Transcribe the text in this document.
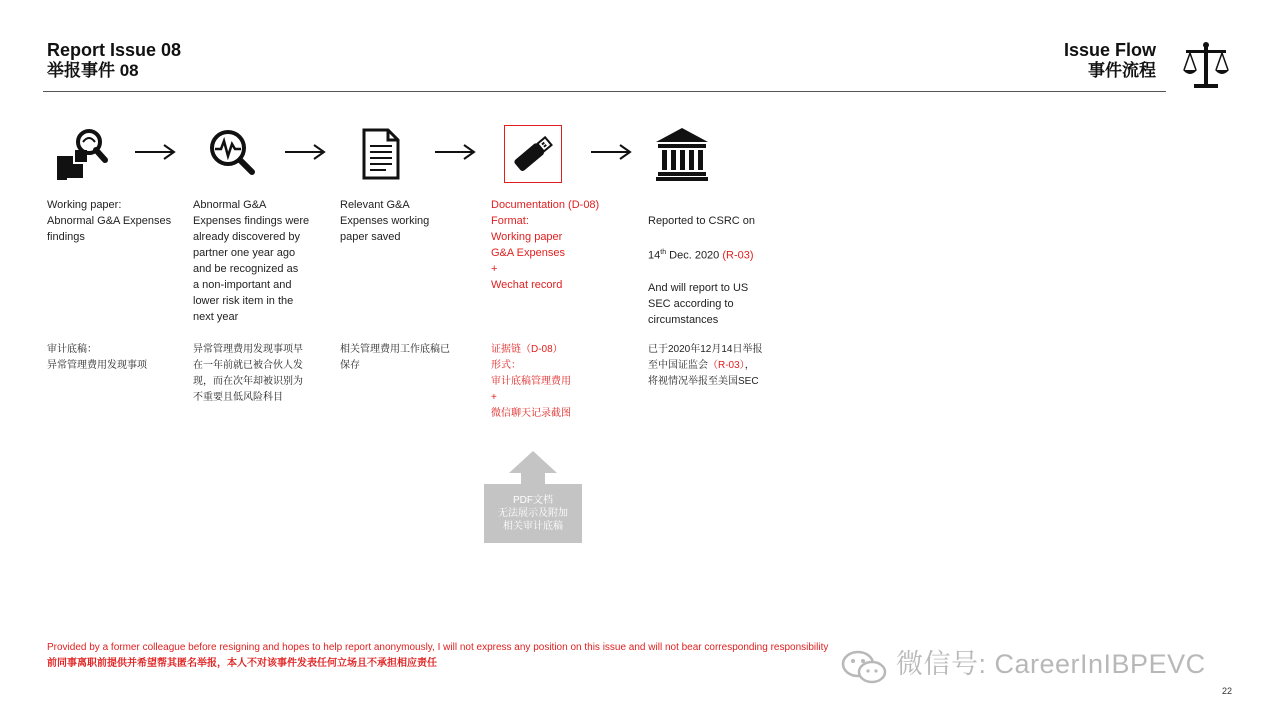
Report Issue 08
举报事件 08
Issue Flow
事件流程
Working paper:
Abnormal G&A Expenses
findings
Abnormal G&A
Expenses findings were
already discovered by
partner one year ago
and be recognized as
a non-important and
lower risk item in the
next year
Relevant G&A
Expenses working
paper saved
Documentation (D-08)
Format:
Working paper
G&A Expenses
+
Wechat record

Reported to CSRC on

14th Dec. 2020 (R-03)

And will report to US
SEC according to
circumstances

审计底稿：
异常管理费用发现事项
异常管理费用发现事项早
在一年前就已被合伙人发
现，而在次年却被识别为
不重要且低风险科目
相关管理费用工作底稿已
保存
证据链（D-08）
形式：
审计底稿管理费用
+
微信聊天记录截图
已于2020年12月14日举报
至中国证监会（R-03），
将视情况举报至美国SEC
PDF文档
无法展示及附加
相关审计底稿
Provided by a former colleague before resigning and hopes to help report anonymously, I will not express any position on this issue and will not bear corresponding responsibility
前同事离职前提供并希望帮其匿名举报，本人不对该事件发表任何立场且不承担相应责任	微信号: CareerInIBPEVC
22
